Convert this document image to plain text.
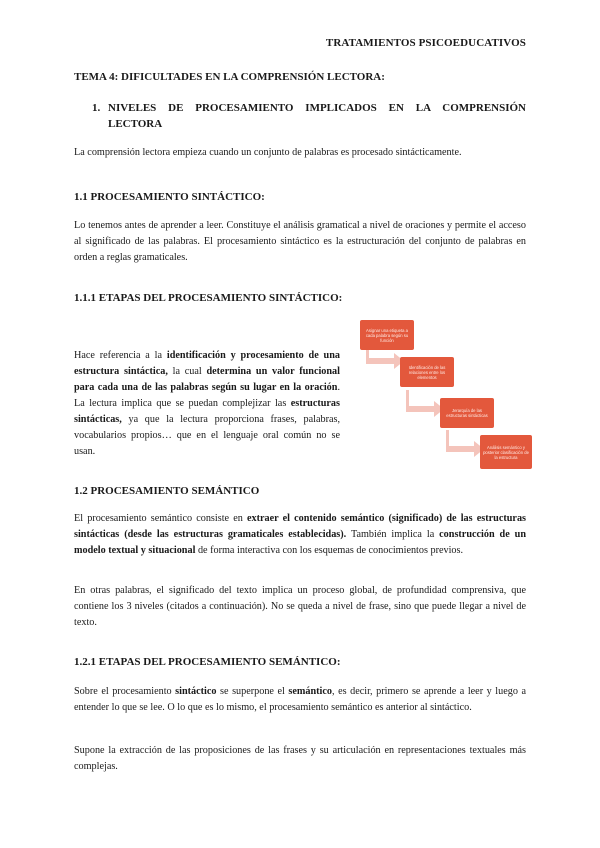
TRATAMIENTOS PSICOEDUCATIVOS
TEMA 4: DIFICULTADES EN LA COMPRENSIÓN LECTORA:
1. NIVELES DE PROCESAMIENTO IMPLICADOS EN LA COMPRENSIÓN
LECTORA
La comprensión lectora empieza cuando un conjunto de palabras es procesado sintácticamente.
1.1 PROCESAMIENTO SINTÁCTICO:
Lo tenemos antes de aprender a leer. Constituye el análisis gramatical a nivel de oraciones y permite el acceso al significado de las palabras. El procesamiento sintáctico es la estructuración del conjunto de palabras en orden a reglas gramaticales.
1.1.1 ETAPAS DEL PROCESAMIENTO SINTÁCTICO:
Hace referencia a la identificación y procesamiento de una estructura sintáctica, la cual determina un valor funcional para cada una de las palabras según su lugar en la oración. La lectura implica que se puedan complejizar las estructuras sintácticas, ya que la lectura proporciona frases, palabras, vocabularios propios… que en el lenguaje oral común no se usan.
Asignar una etiqueta a cada palabra según su función
Identificación de las relaciones entre los elementos
Jerarquía de las estructuras sintácticas
Análisis semántico y posterior clasificación de la estructura
1.2 PROCESAMIENTO SEMÁNTICO
El procesamiento semántico consiste en extraer el contenido semántico (significado) de las estructuras sintácticas (desde las estructuras gramaticales establecidas). También implica la construcción de un modelo textual y situacional de forma interactiva con los esquemas de conocimientos previos.
En otras palabras, el significado del texto implica un proceso global, de profundidad comprensiva, que contiene los 3 niveles (citados a continuación). No se queda a nivel de frase, sino que puede llegar a nivel de texto.
1.2.1 ETAPAS DEL PROCESAMIENTO SEMÁNTICO:
Sobre el procesamiento sintáctico se superpone el semántico, es decir, primero se aprende a leer y luego a entender lo que se lee. O lo que es lo mismo, el procesamiento semántico es anterior al sintáctico.
Supone la extracción de las proposiciones de las frases y su articulación en representaciones textuales más complejas.
